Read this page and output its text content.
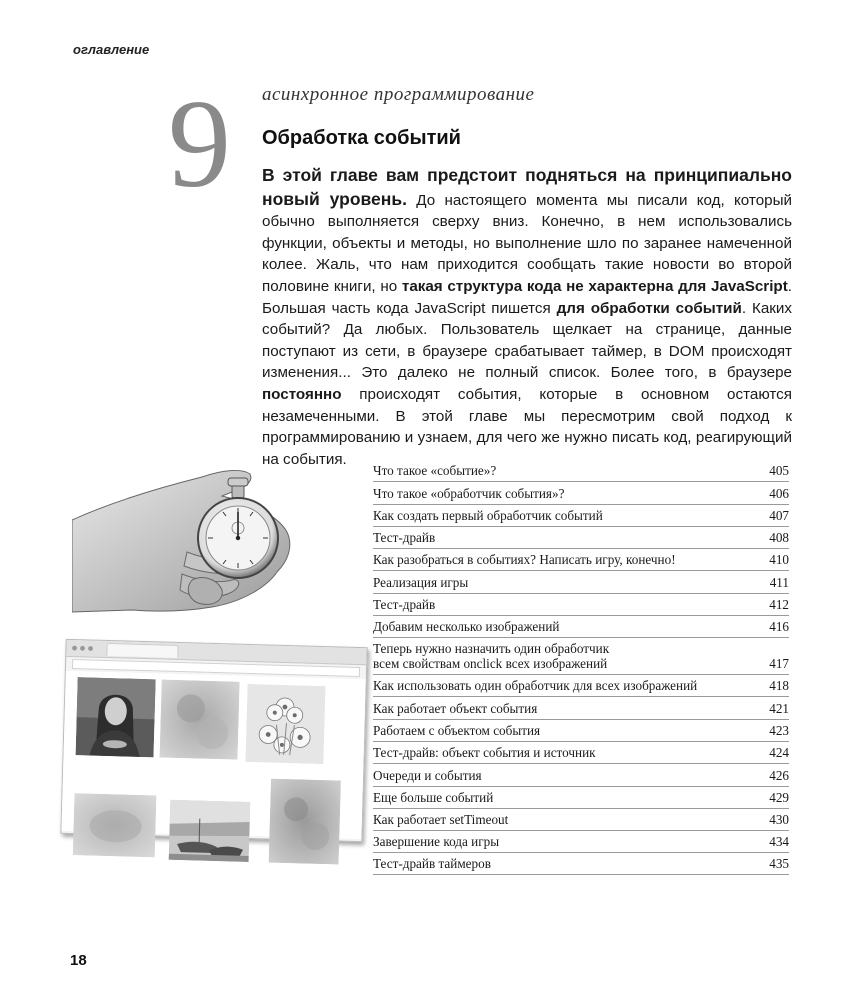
оглавление
9 асинхронное программирование
Обработка событий
В этой главе вам предстоит подняться на принципиально новый уровень. До настоящего момента мы писали код, который обычно выполняется сверху вниз. Конечно, в нем использовались функции, объекты и методы, но выполнение шло по заранее намеченной колее. Жаль, что нам приходится сообщать такие новости во второй половине книги, но такая структура кода не характерна для JavaScript. Большая часть кода JavaScript пишется для обработки событий. Каких событий? Да любых. Пользователь щелкает на странице, данные поступают из сети, в браузере срабатывает таймер, в DOM происходят изменения... Это далеко не полный список. Более того, в браузере постоянно происходят события, которые в основном остаются незамеченными. В этой главе мы пересмотрим свой подход к программированию и узнаем, для чего же нужно писать код, реагирующий на события.
Что такое «событие»?	405
Что такое «обработчик события»?	406
Как создать первый обработчик событий	407
Тест-драйв	408
Как разобраться в событиях? Написать игру, конечно!	410
Реализация игры	411
Тест-драйв	412
Добавим несколько изображений	416
Теперь нужно назначить один обработчик
всем свойствам onclick всех изображений	417
Как использовать один обработчик для всех изображений	418
Как работает объект события	421
Работаем с объектом события	423
Тест-драйв: объект события и источник	424
Очереди и события	426
Еще больше событий	429
Как работает setTimeout	430
Завершение кода игры	434
Тест-драйв таймеров	435
18
